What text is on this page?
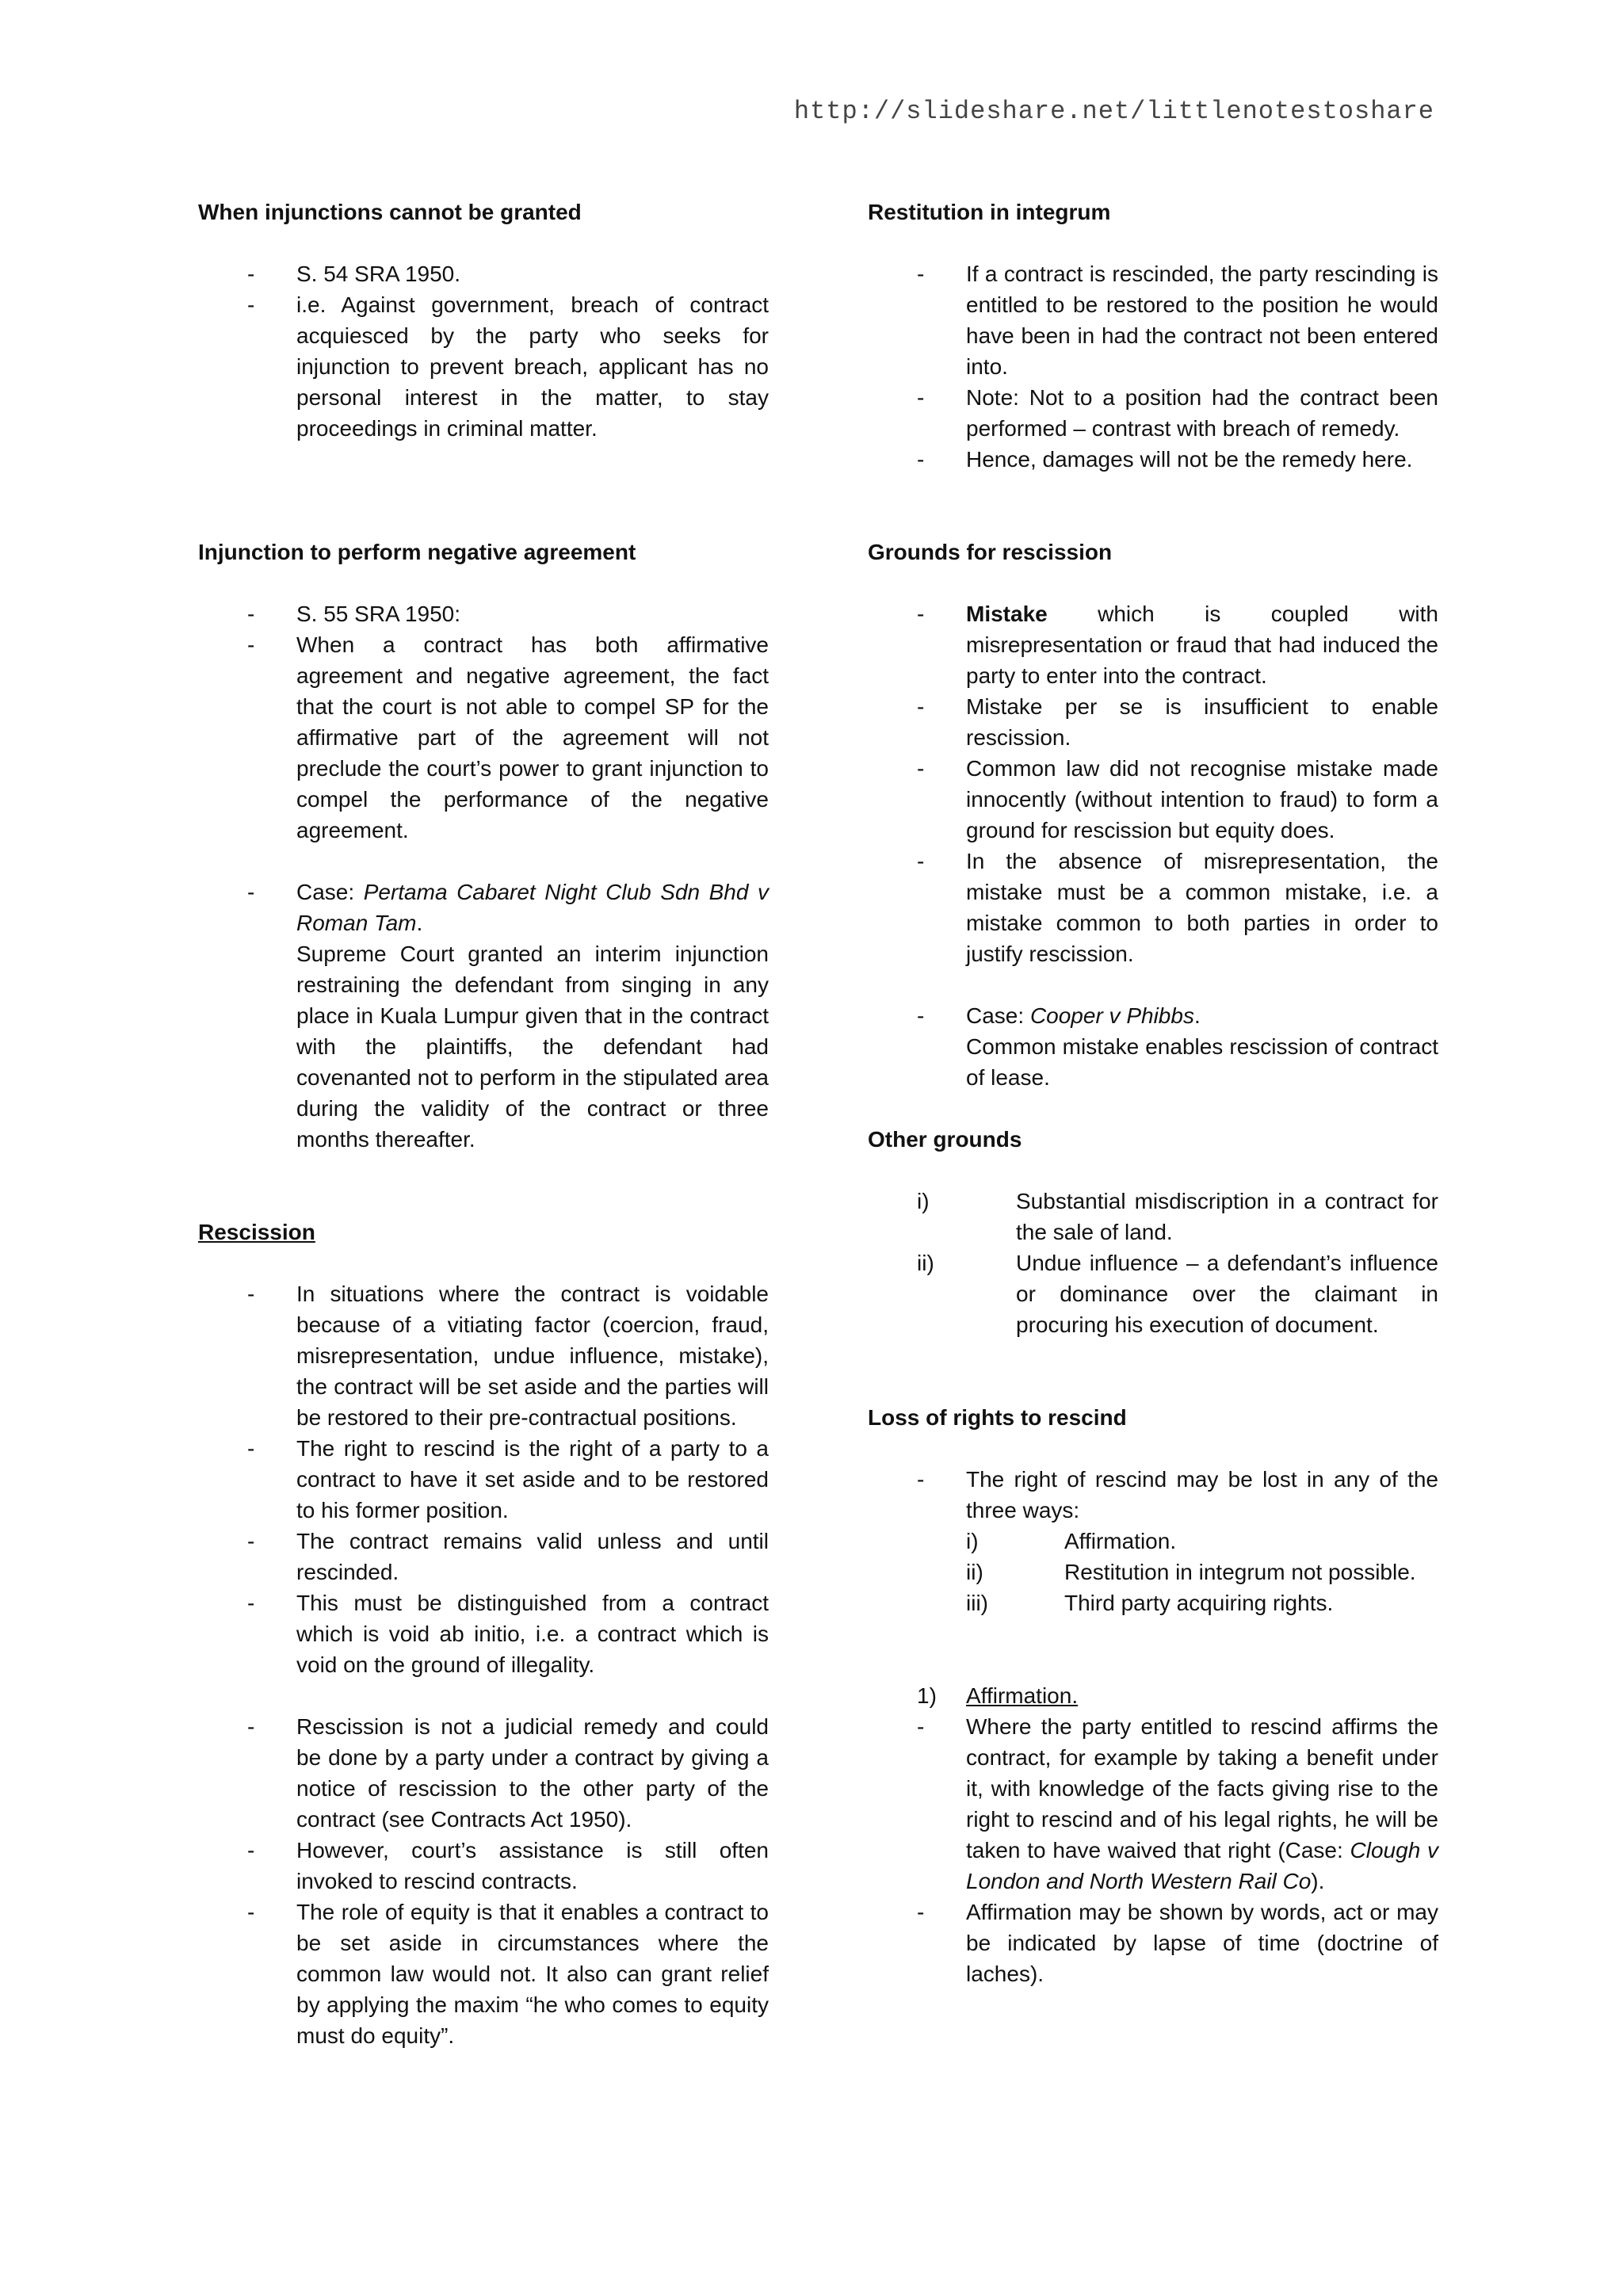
http://slideshare.net/littlenotestoshare
When injunctions cannot be granted
- S. 54 SRA 1950.
- i.e. Against government, breach of contract acquiesced by the party who seeks for injunction to prevent breach, applicant has no personal interest in the matter, to stay proceedings in criminal matter.
Injunction to perform negative agreement
- S. 55 SRA 1950:
- When a contract has both affirmative agreement and negative agreement, the fact that the court is not able to compel SP for the affirmative part of the agreement will not preclude the court’s power to grant injunction to compel the performance of the negative agreement.
- Case: Pertama Cabaret Night Club Sdn Bhd v Roman Tam.
Supreme Court granted an interim injunction restraining the defendant from singing in any place in Kuala Lumpur given that in the contract with the plaintiffs, the defendant had covenanted not to perform in the stipulated area during the validity of the contract or three months thereafter.
Rescission
- In situations where the contract is voidable because of a vitiating factor (coercion, fraud, misrepresentation, undue influence, mistake), the contract will be set aside and the parties will be restored to their pre-contractual positions.
- The right to rescind is the right of a party to a contract to have it set aside and to be restored to his former position.
- The contract remains valid unless and until rescinded.
- This must be distinguished from a contract which is void ab initio, i.e. a contract which is void on the ground of illegality.
- Rescission is not a judicial remedy and could be done by a party under a contract by giving a notice of rescission to the other party of the contract (see Contracts Act 1950).
- However, court’s assistance is still often invoked to rescind contracts.
- The role of equity is that it enables a contract to be set aside in circumstances where the common law would not. It also can grant relief by applying the maxim “he who comes to equity must do equity”.
Restitution in integrum
- If a contract is rescinded, the party rescinding is entitled to be restored to the position he would have been in had the contract not been entered into.
- Note: Not to a position had the contract been performed – contrast with breach of remedy.
- Hence, damages will not be the remedy here.
Grounds for rescission
- Mistake which is coupled with misrepresentation or fraud that had induced the party to enter into the contract.
- Mistake per se is insufficient to enable rescission.
- Common law did not recognise mistake made innocently (without intention to fraud) to form a ground for rescission but equity does.
- In the absence of misrepresentation, the mistake must be a common mistake, i.e. a mistake common to both parties in order to justify rescission.
- Case: Cooper v Phibbs.
Common mistake enables rescission of contract of lease.
Other grounds
i)	Substantial misdiscription in a contract for the sale of land.
ii)	Undue influence – a defendant’s influence or dominance over the claimant in procuring his execution of document.
Loss of rights to rescind
- The right of rescind may be lost in any of the three ways:
i)	Affirmation.
ii)	Restitution in integrum not possible.
iii)	Third party acquiring rights.
1) Affirmation.
- Where the party entitled to rescind affirms the contract, for example by taking a benefit under it, with knowledge of the facts giving rise to the right to rescind and of his legal rights, he will be taken to have waived that right (Case: Clough v London and North Western Rail Co).
- Affirmation may be shown by words, act or may be indicated by lapse of time (doctrine of laches).
